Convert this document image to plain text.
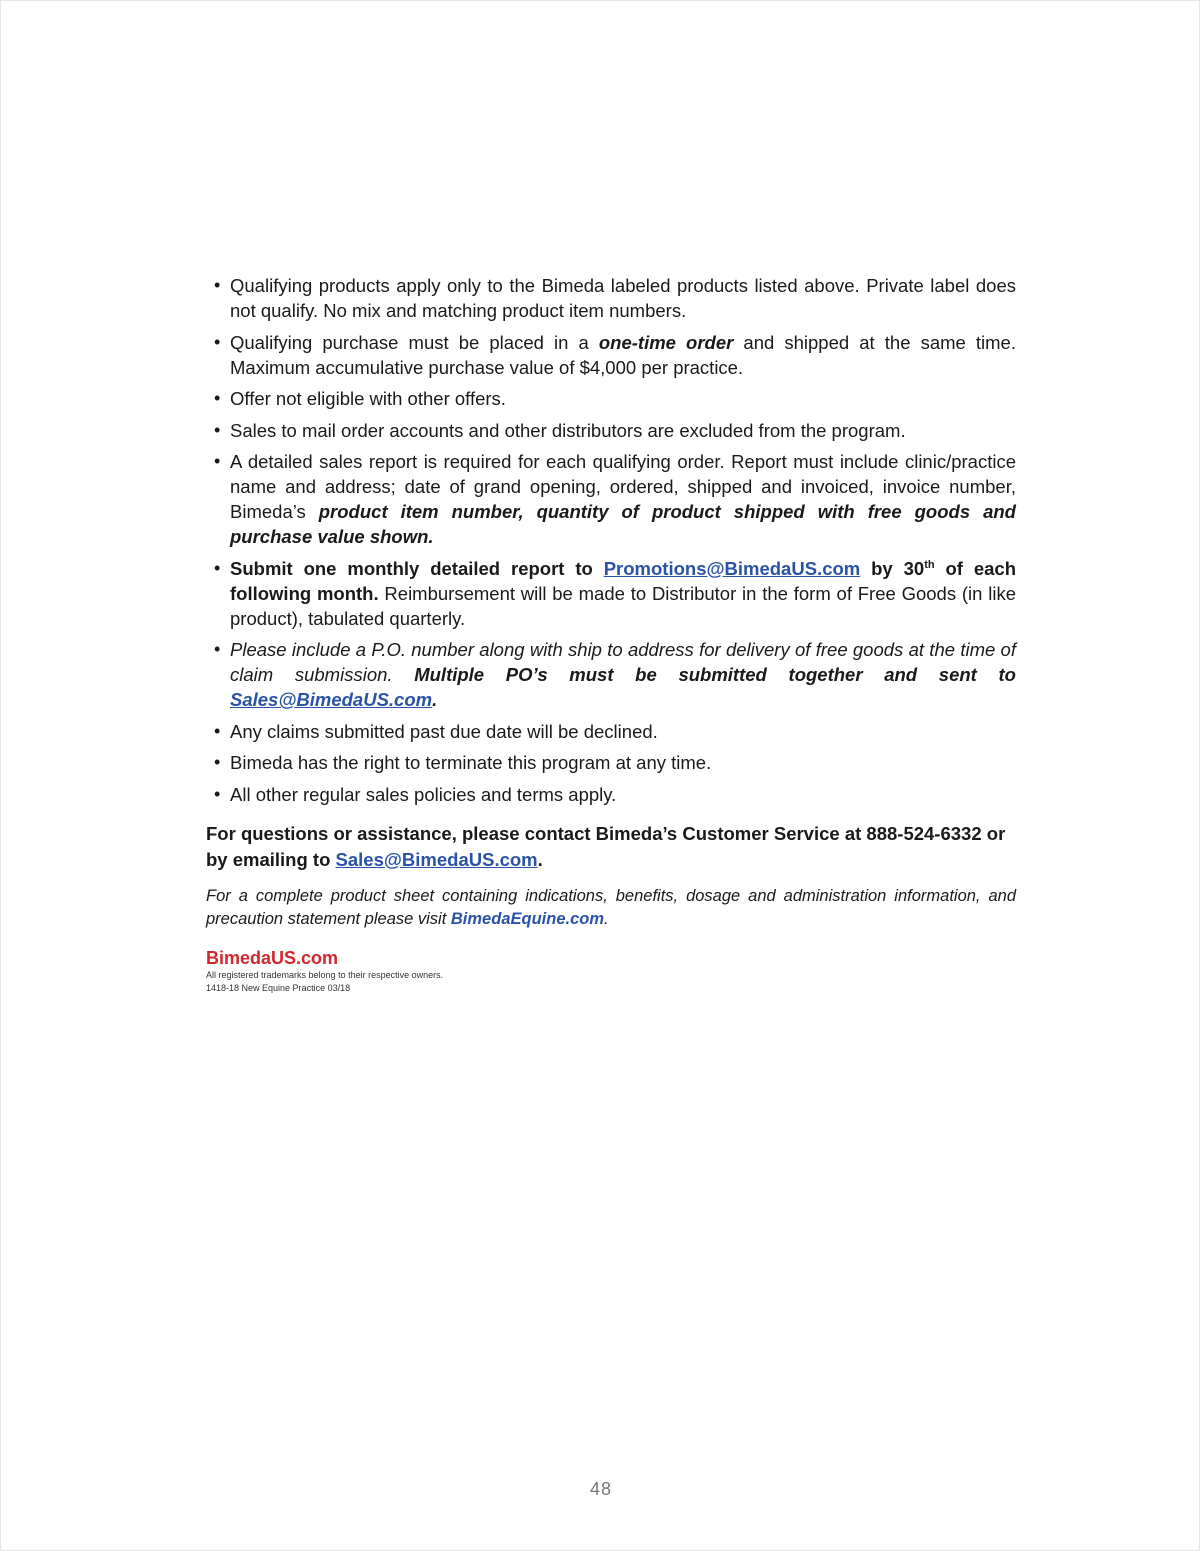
• Qualifying products apply only to the Bimeda labeled products listed above. Private label does not qualify. No mix and matching product item numbers.
• Qualifying purchase must be placed in a one-time order and shipped at the same time. Maximum accumulative purchase value of $4,000 per practice.
• Offer not eligible with other offers.
• Sales to mail order accounts and other distributors are excluded from the program.
• A detailed sales report is required for each qualifying order. Report must include clinic/practice name and address; date of grand opening, ordered, shipped and invoiced, invoice number, Bimeda’s product item number, quantity of product shipped with free goods and purchase value shown.
• Submit one monthly detailed report to Promotions@BimedaUS.com by 30th of each following month. Reimbursement will be made to Distributor in the form of Free Goods (in like product), tabulated quarterly.
• Please include a P.O. number along with ship to address for delivery of free goods at the time of claim submission. Multiple PO’s must be submitted together and sent to Sales@BimedaUS.com.
• Any claims submitted past due date will be declined.
• Bimeda has the right to terminate this program at any time.
• All other regular sales policies and terms apply.
For questions or assistance, please contact Bimeda’s Customer Service at 888-524-6332 or by emailing to Sales@BimedaUS.com.
For a complete product sheet containing indications, benefits, dosage and administration information, and precaution statement please visit BimedaEquine.com.
BimedaUS.com
All registered trademarks belong to their respective owners.
1418-18 New Equine Practice 03/18
48
